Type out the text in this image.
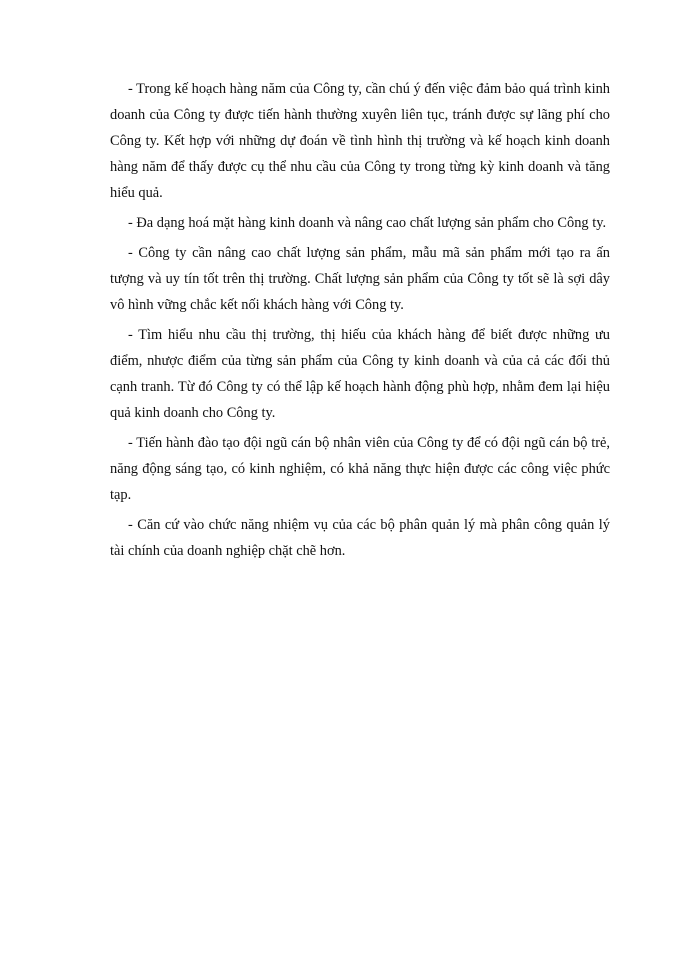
- Trong kế hoạch hàng năm của Công ty, cần chú ý đến việc đảm bảo quá trình kinh doanh của Công ty được tiến hành thường xuyên liên tục, tránh được sự lãng phí cho Công ty. Kết hợp với những dự đoán về tình hình thị trường và kế hoạch kinh doanh hàng năm để thấy được cụ thể nhu cầu của Công ty trong từng kỳ kinh doanh và tăng hiểu quả.

- Đa dạng hoá mặt hàng kinh doanh và nâng cao chất lượng sản phẩm cho Công ty.

- Công ty cần nâng cao chất lượng sản phẩm, mẫu mã sản phẩm mới tạo ra ấn tượng và uy tín tốt trên thị trường. Chất lượng sản phẩm của Công ty tốt sẽ là sợi dây vô hình vững chắc kết nối khách hàng với Công ty.

- Tìm hiểu nhu cầu thị trường, thị hiếu của khách hàng để biết được những ưu điểm, nhược điểm của từng sản phẩm của Công ty kinh doanh và của cả các đối thủ cạnh tranh. Từ đó Công ty có thể lập kế hoạch hành động phù hợp, nhằm đem lại hiệu quả kinh doanh cho Công ty.

- Tiến hành đào tạo đội ngũ cán bộ nhân viên của Công ty để có đội ngũ cán bộ trẻ, năng động sáng tạo, có kinh nghiệm, có khả năng thực hiện được các công việc phức tạp.

- Căn cứ vào chức năng nhiệm vụ của các bộ phân quản lý mà phân công quản lý tài chính của doanh nghiệp chặt chẽ hơn.
